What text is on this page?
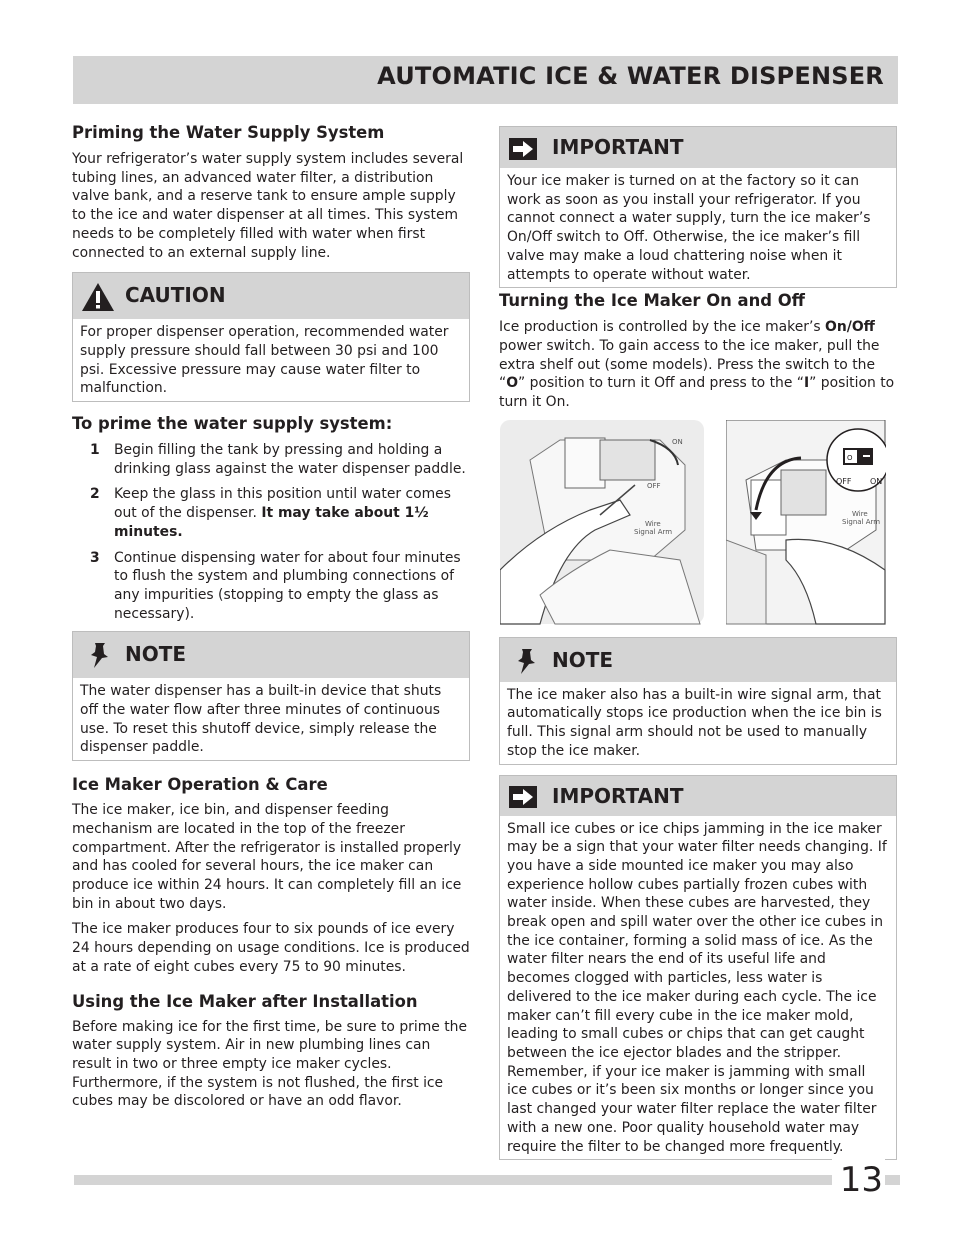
AUTOMATIC ICE & WATER DISPENSER
Priming the Water Supply System

Your refrigerator’s water supply system includes several tubing lines, an advanced water filter, a distribution valve bank, and a reserve tank to ensure ample supply to the ice and water dispenser at all times. This system needs to be completely filled with water when first connected to an external supply line.

CAUTION

For proper dispenser operation, recommended water supply pressure should fall between 30 psi and 100 psi. Excessive pressure may cause water filter to malfunction.

To prime the water supply system:
1 Begin filling the tank by pressing and holding a drinking glass against the water dispenser paddle.
2 Keep the glass in this position until water comes out of the dispenser. It may take about 1½ minutes.
3 Continue dispensing water for about four minutes to flush the system and plumbing connections of any impurities (stopping to empty the glass as necessary).
NOTE

The water dispenser has a built-in device that shuts off the water flow after three minutes of continuous use. To reset this shutoff device, simply release the dispenser paddle.

Ice Maker Operation & Care

The ice maker, ice bin, and dispenser feeding mechanism are located in the top of the freezer compartment. After the refrigerator is installed properly and has cooled for several hours, the ice maker can produce ice within 24 hours. It can completely fill an ice bin in about two days.

The ice maker produces four to six pounds of ice every 24 hours depending on usage conditions. Ice is produced at a rate of eight cubes every 75 to 90 minutes.

Using the Ice Maker after Installation

Before making ice for the first time, be sure to prime the water supply system. Air in new plumbing lines can result in two or three empty ice maker cycles. Furthermore, if the system is not flushed, the first ice cubes may be discolored or have an odd flavor.

IMPORTANT

Your ice maker is turned on at the factory so it can work as soon as you install your refrigerator. If you cannot connect a water supply, turn the ice maker’s On/Off switch to Off. Otherwise, the ice maker’s fill valve may make a loud chattering noise when it attempts to operate without water.

Turning the Ice Maker On and Off

Ice production is controlled by the ice maker’s On/Off power switch. To gain access to the ice maker, pull the extra shelf out (some models). Press the switch to the “O” position to turn it Off and press to the “I” position to turn it On.

ON
OFF
Wire
Signal Arm
O
OFF ON
Wire
Signal Arm
NOTE

The ice maker also has a built-in wire signal arm, that automatically stops ice production when the ice bin is full. This signal arm should not be used to manually stop the ice maker.

IMPORTANT

Small ice cubes or ice chips jamming in the ice maker may be a sign that your water filter needs changing. If you have a side mounted ice maker you may also experience hollow cubes partially frozen cubes with water inside. When these cubes are harvested, they break open and spill water over the other ice cubes in the ice container, forming a solid mass of ice. As the water filter nears the end of its useful life and becomes clogged with particles, less water is delivered to the ice maker during each cycle. The ice maker can’t fill every cube in the ice maker mold, leading to small cubes or chips that can get caught between the ice ejector blades and the stripper. Remember, if your ice maker is jamming with small ice cubes or it’s been six months or longer since you last changed your water filter replace the water filter with a new one. Poor quality household water may require the filter to be changed more frequently.

13
